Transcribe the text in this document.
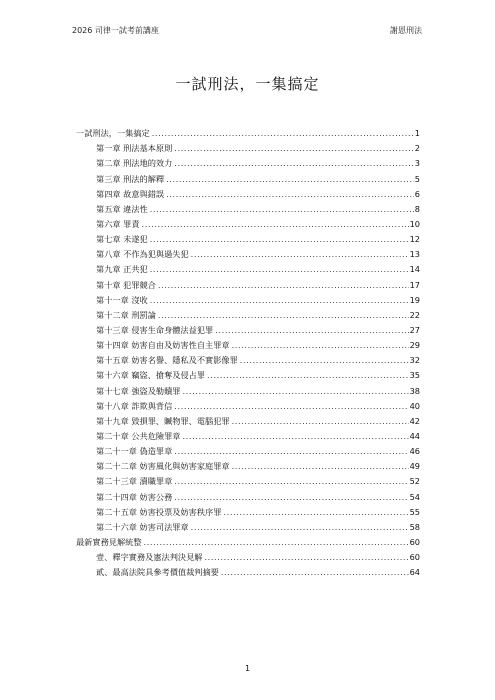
2026 司律一試考前講座	謝恩刑法
一試刑法，一集搞定
一試刑法，一集搞定 .....	1
第一章 刑法基本原則 .....	2
第二章 刑法地的效力 .....	3
第三章 刑法的解釋 .....	5
第四章 故意與錯誤 .....	6
第五章 違法性 .....	8
第六章 罪責 .....	10
第七章 未遂犯 .....	12
第八章 不作為犯與過失犯 .....	13
第九章 正共犯 .....	14
第十章 犯罪競合 .....	17
第十一章 沒收 .....	19
第十二章 刑罰論 .....	22
第十三章 侵害生命身體法益犯罪 .....	27
第十四章 妨害自由及妨害性自主罪章 .....	29
第十五章 妨害名譽、隱私及不實影像罪 .....	32
第十六章 竊盜、搶奪及侵占罪 .....	35
第十七章 強盜及勒贖罪 .....	38
第十八章 詐欺與背信 .....	40
第十九章 毀損罪、贓物罪、電腦犯罪 .....	42
第二十章 公共危險罪章 .....	44
第二十一章 偽造罪章 .....	46
第二十二章 妨害風化與妨害家庭罪章 .....	49
第二十三章 瀆職罪章 .....	52
第二十四章 妨害公務 .....	54
第二十五章 妨害投票及妨害秩序罪 .....	55
第二十六章 妨害司法罪章 .....	58
最新實務見解統整 .....	60
壹、釋字實務及憲法判決見解 .....	60
貳、最高法院具參考價值裁判摘要 .....	64
1
